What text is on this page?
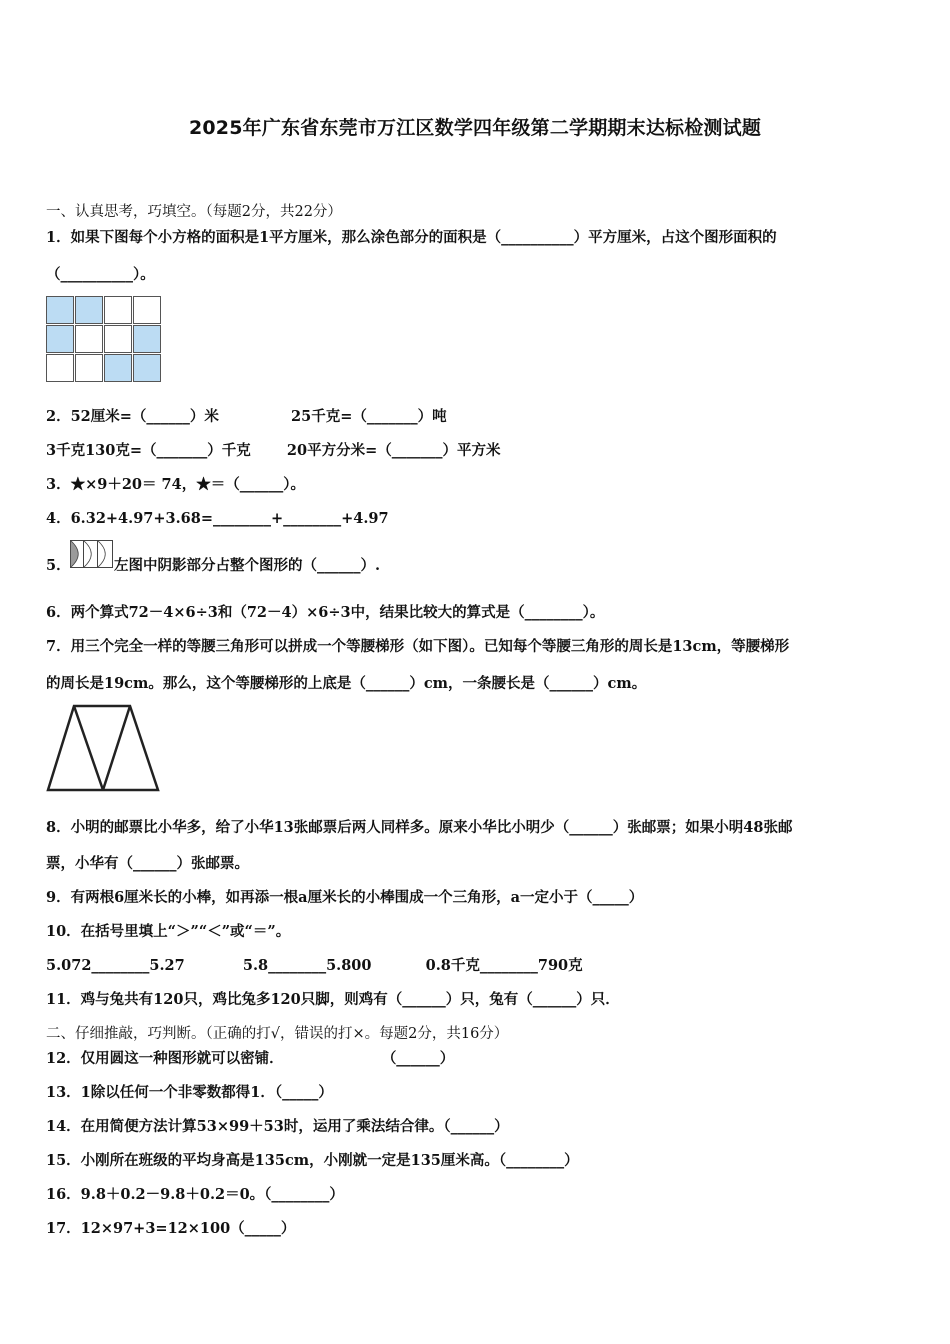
2025年广东省东莞市万江区数学四年级第二学期期末达标检测试题
一、认真思考，巧填空。（每题2分，共22分）
1．如果下图每个小方格的面积是1平方厘米，那么涂色部分的面积是（__________）平方厘米，占这个图形面积的
（__________）。
2．52厘米=（______）米	25千克=（_______）吨
3千克130克=（_______）千克 20平方分米=（_______）平方米
3．★×9＋20＝ 74，★＝（______）。
4．6.32+4.97+3.68=________+________+4.97
5．	左图中阴影部分占整个图形的（______）.
6．两个算式72－4×6÷3和（72－4）×6÷3中，结果比较大的算式是（________）。
7．用三个完全一样的等腰三角形可以拼成一个等腰梯形（如下图）。已知每个等腰三角形的周长是13cm，等腰梯形
的周长是19cm。那么，这个等腰梯形的上底是（______）cm，一条腰长是（______）cm。
8．小明的邮票比小华多，给了小华13张邮票后两人同样多。原来小华比小明少（______）张邮票；如果小明48张邮
票，小华有（______）张邮票。
9．有两根6厘米长的小棒，如再添一根a厘米长的小棒围成一个三角形，a一定小于（_____）
10．在括号里填上“＞”“＜”或“＝”。
5.072________5.27	5.8________5.800	0.8千克________790克
11．鸡与兔共有120只，鸡比兔多120只脚，则鸡有（______）只，兔有（______）只．
二、仔细推敲，巧判断。（正确的打√，错误的打×。每题2分，共16分）
12．仅用圆这一种图形就可以密铺．	（______）
13．1除以任何一个非零数都得1．（_____）
14．在用简便方法计算53×99＋53时，运用了乘法结合律。（______）
15．小刚所在班级的平均身高是135cm，小刚就一定是135厘米高。（________）
16．9.8＋0.2－9.8＋0.2＝0。（________）
17．12×97+3=12×100（_____）
